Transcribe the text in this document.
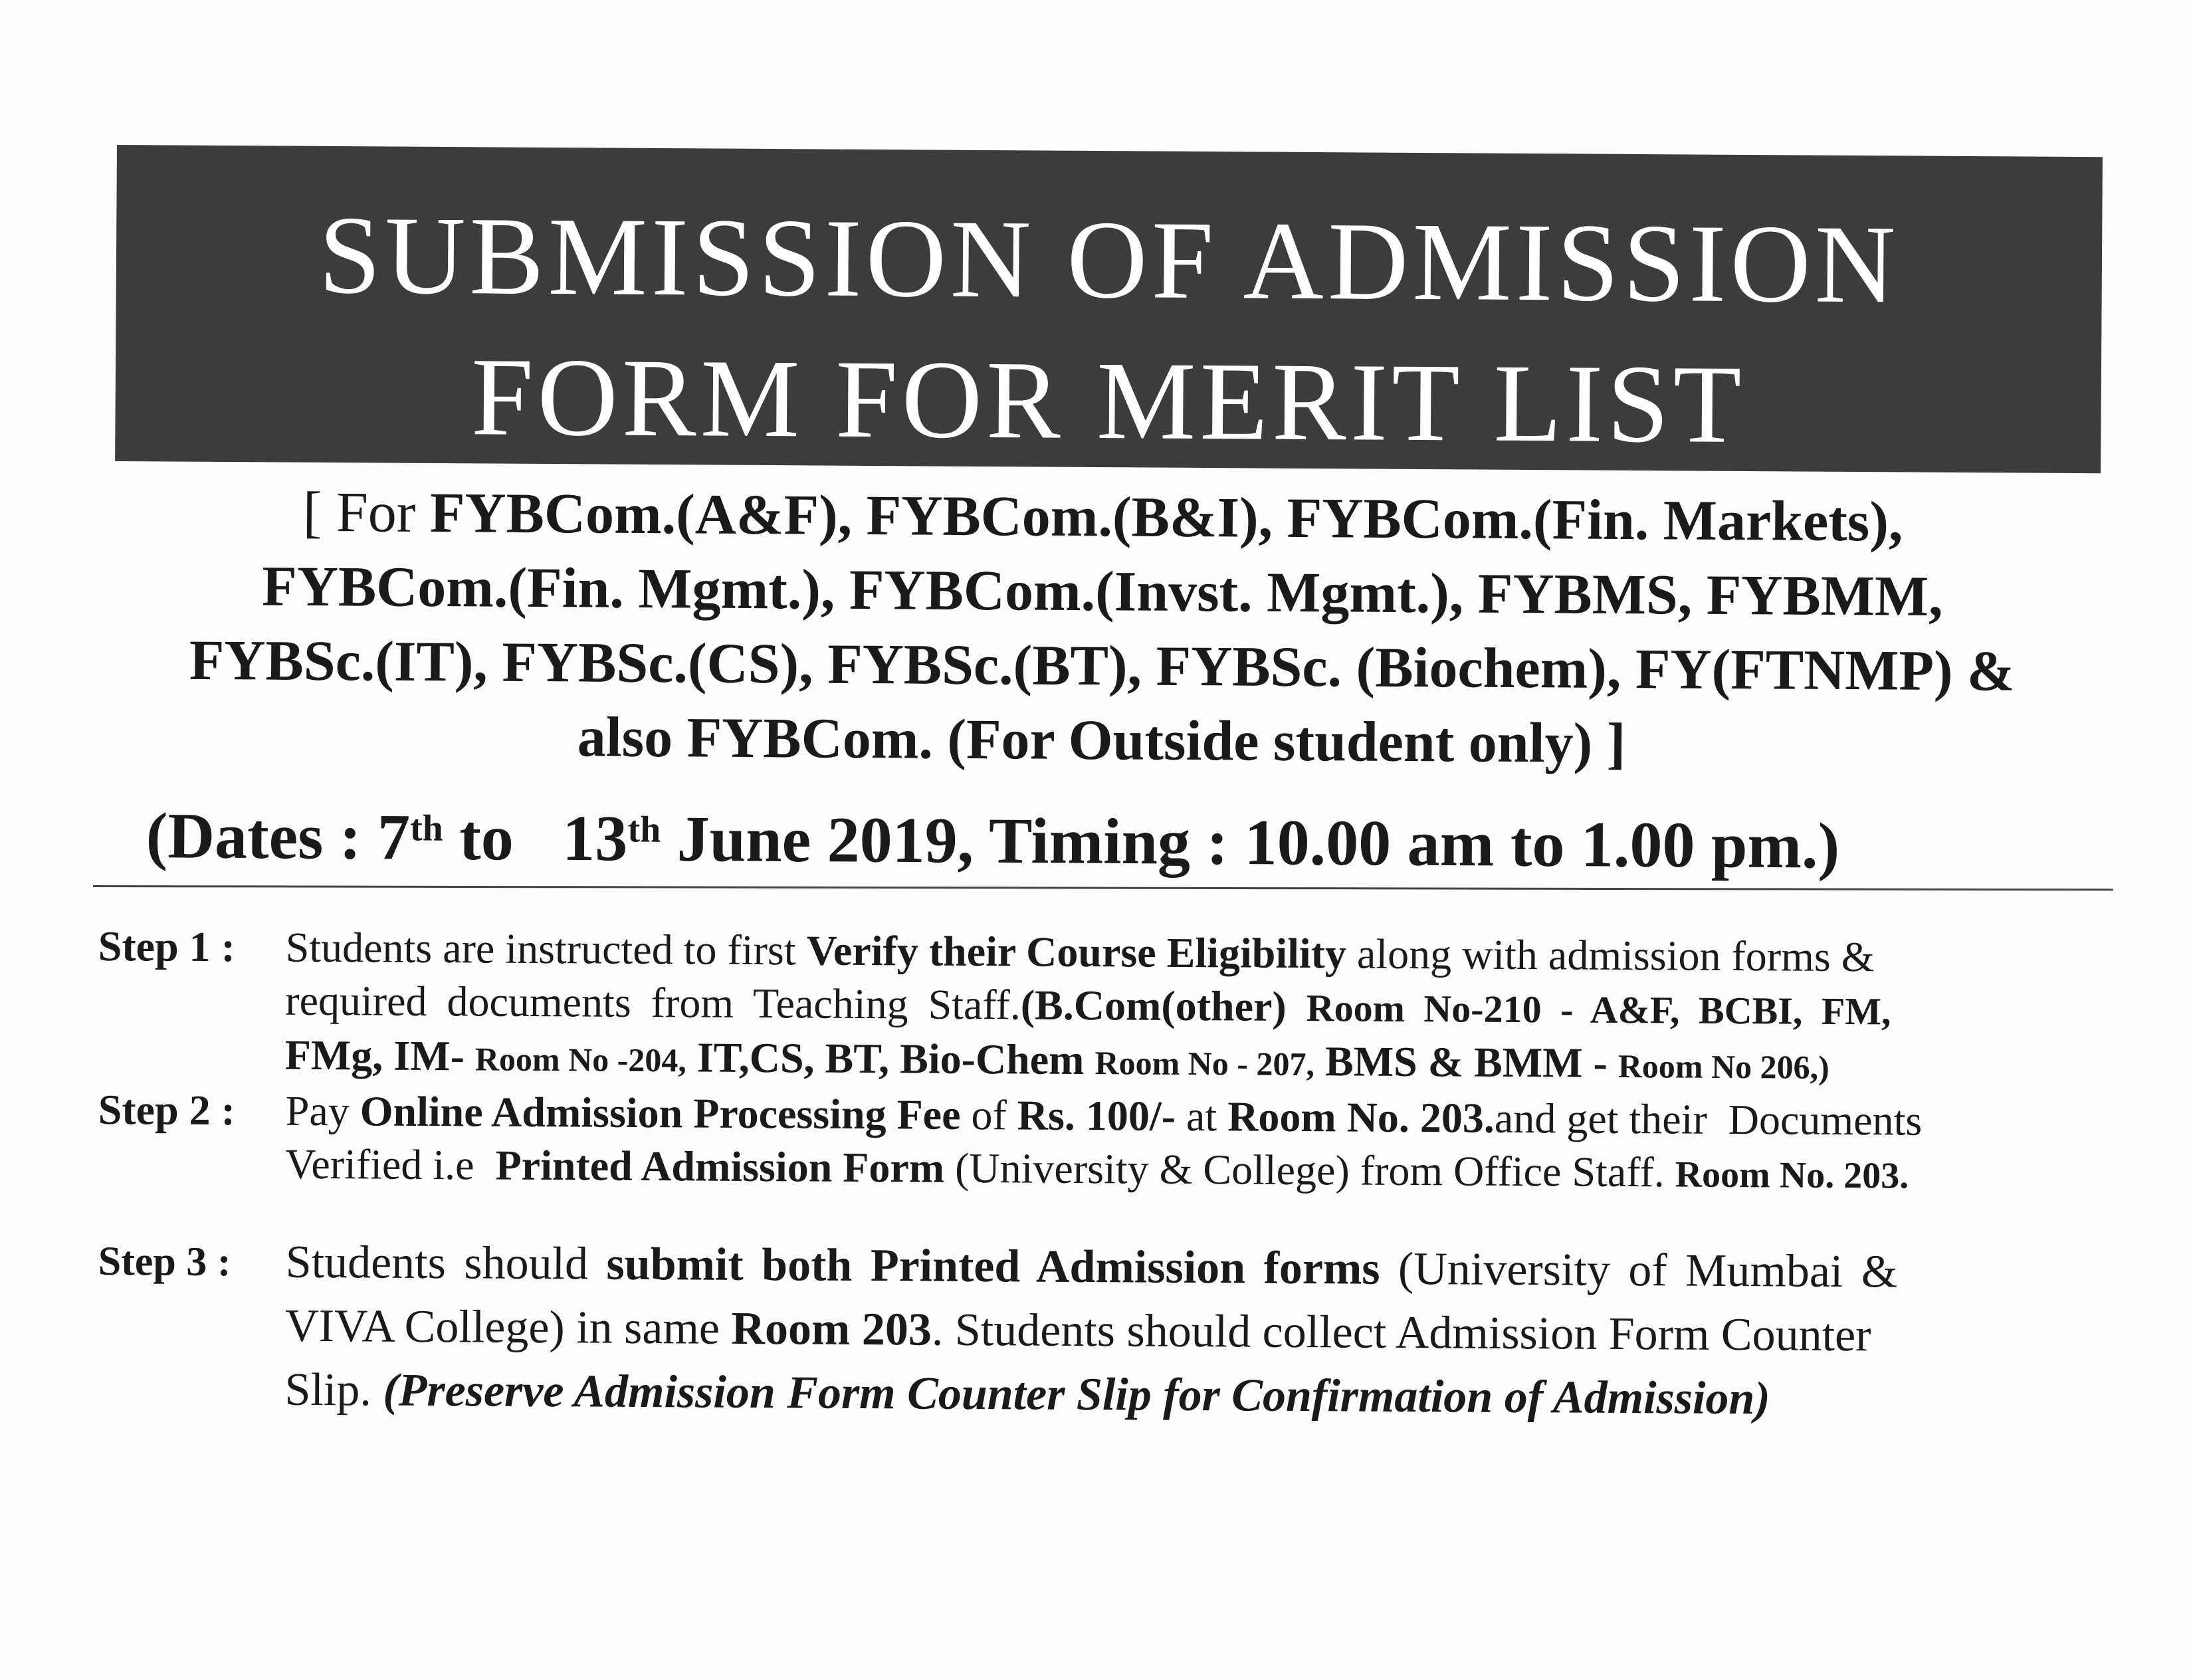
SUBMISSION OF ADMISSION
FORM FOR MERIT LIST
[ For FYBCom.(A&F), FYBCom.(B&I), FYBCom.(Fin. Markets),
FYBCom.(Fin. Mgmt.), FYBCom.(Invst. Mgmt.), FYBMS, FYBMM,
FYBSc.(IT), FYBSc.(CS), FYBSc.(BT), FYBSc. (Biochem), FY(FTNMP) &
also FYBCom. (For Outside student only) ]
(Dates : 7th to   13th June 2019, Timing : 10.00 am to 1.00 pm.)
Step 1 : Students are instructed to first Verify their Course Eligibility along with admission forms &
required documents from Teaching Staff.(B.Com(other) Room No-210 - A&F, BCBI, FM,
FMg, IM- Room No -204, IT,CS, BT, Bio-Chem Room No - 207, BMS & BMM - Room No 206,)
Step 2 : Pay Online Admission Processing Fee of Rs. 100/- at Room No. 203.and get their  Documents
Verified i.e  Printed Admission Form (University & College) from Office Staff. Room No. 203.
Step 3 : Students should submit both Printed Admission forms (University of Mumbai &
VIVA College) in same Room 203. Students should collect Admission Form Counter
Slip. (Preserve Admission Form Counter Slip for Confirmation of Admission)
